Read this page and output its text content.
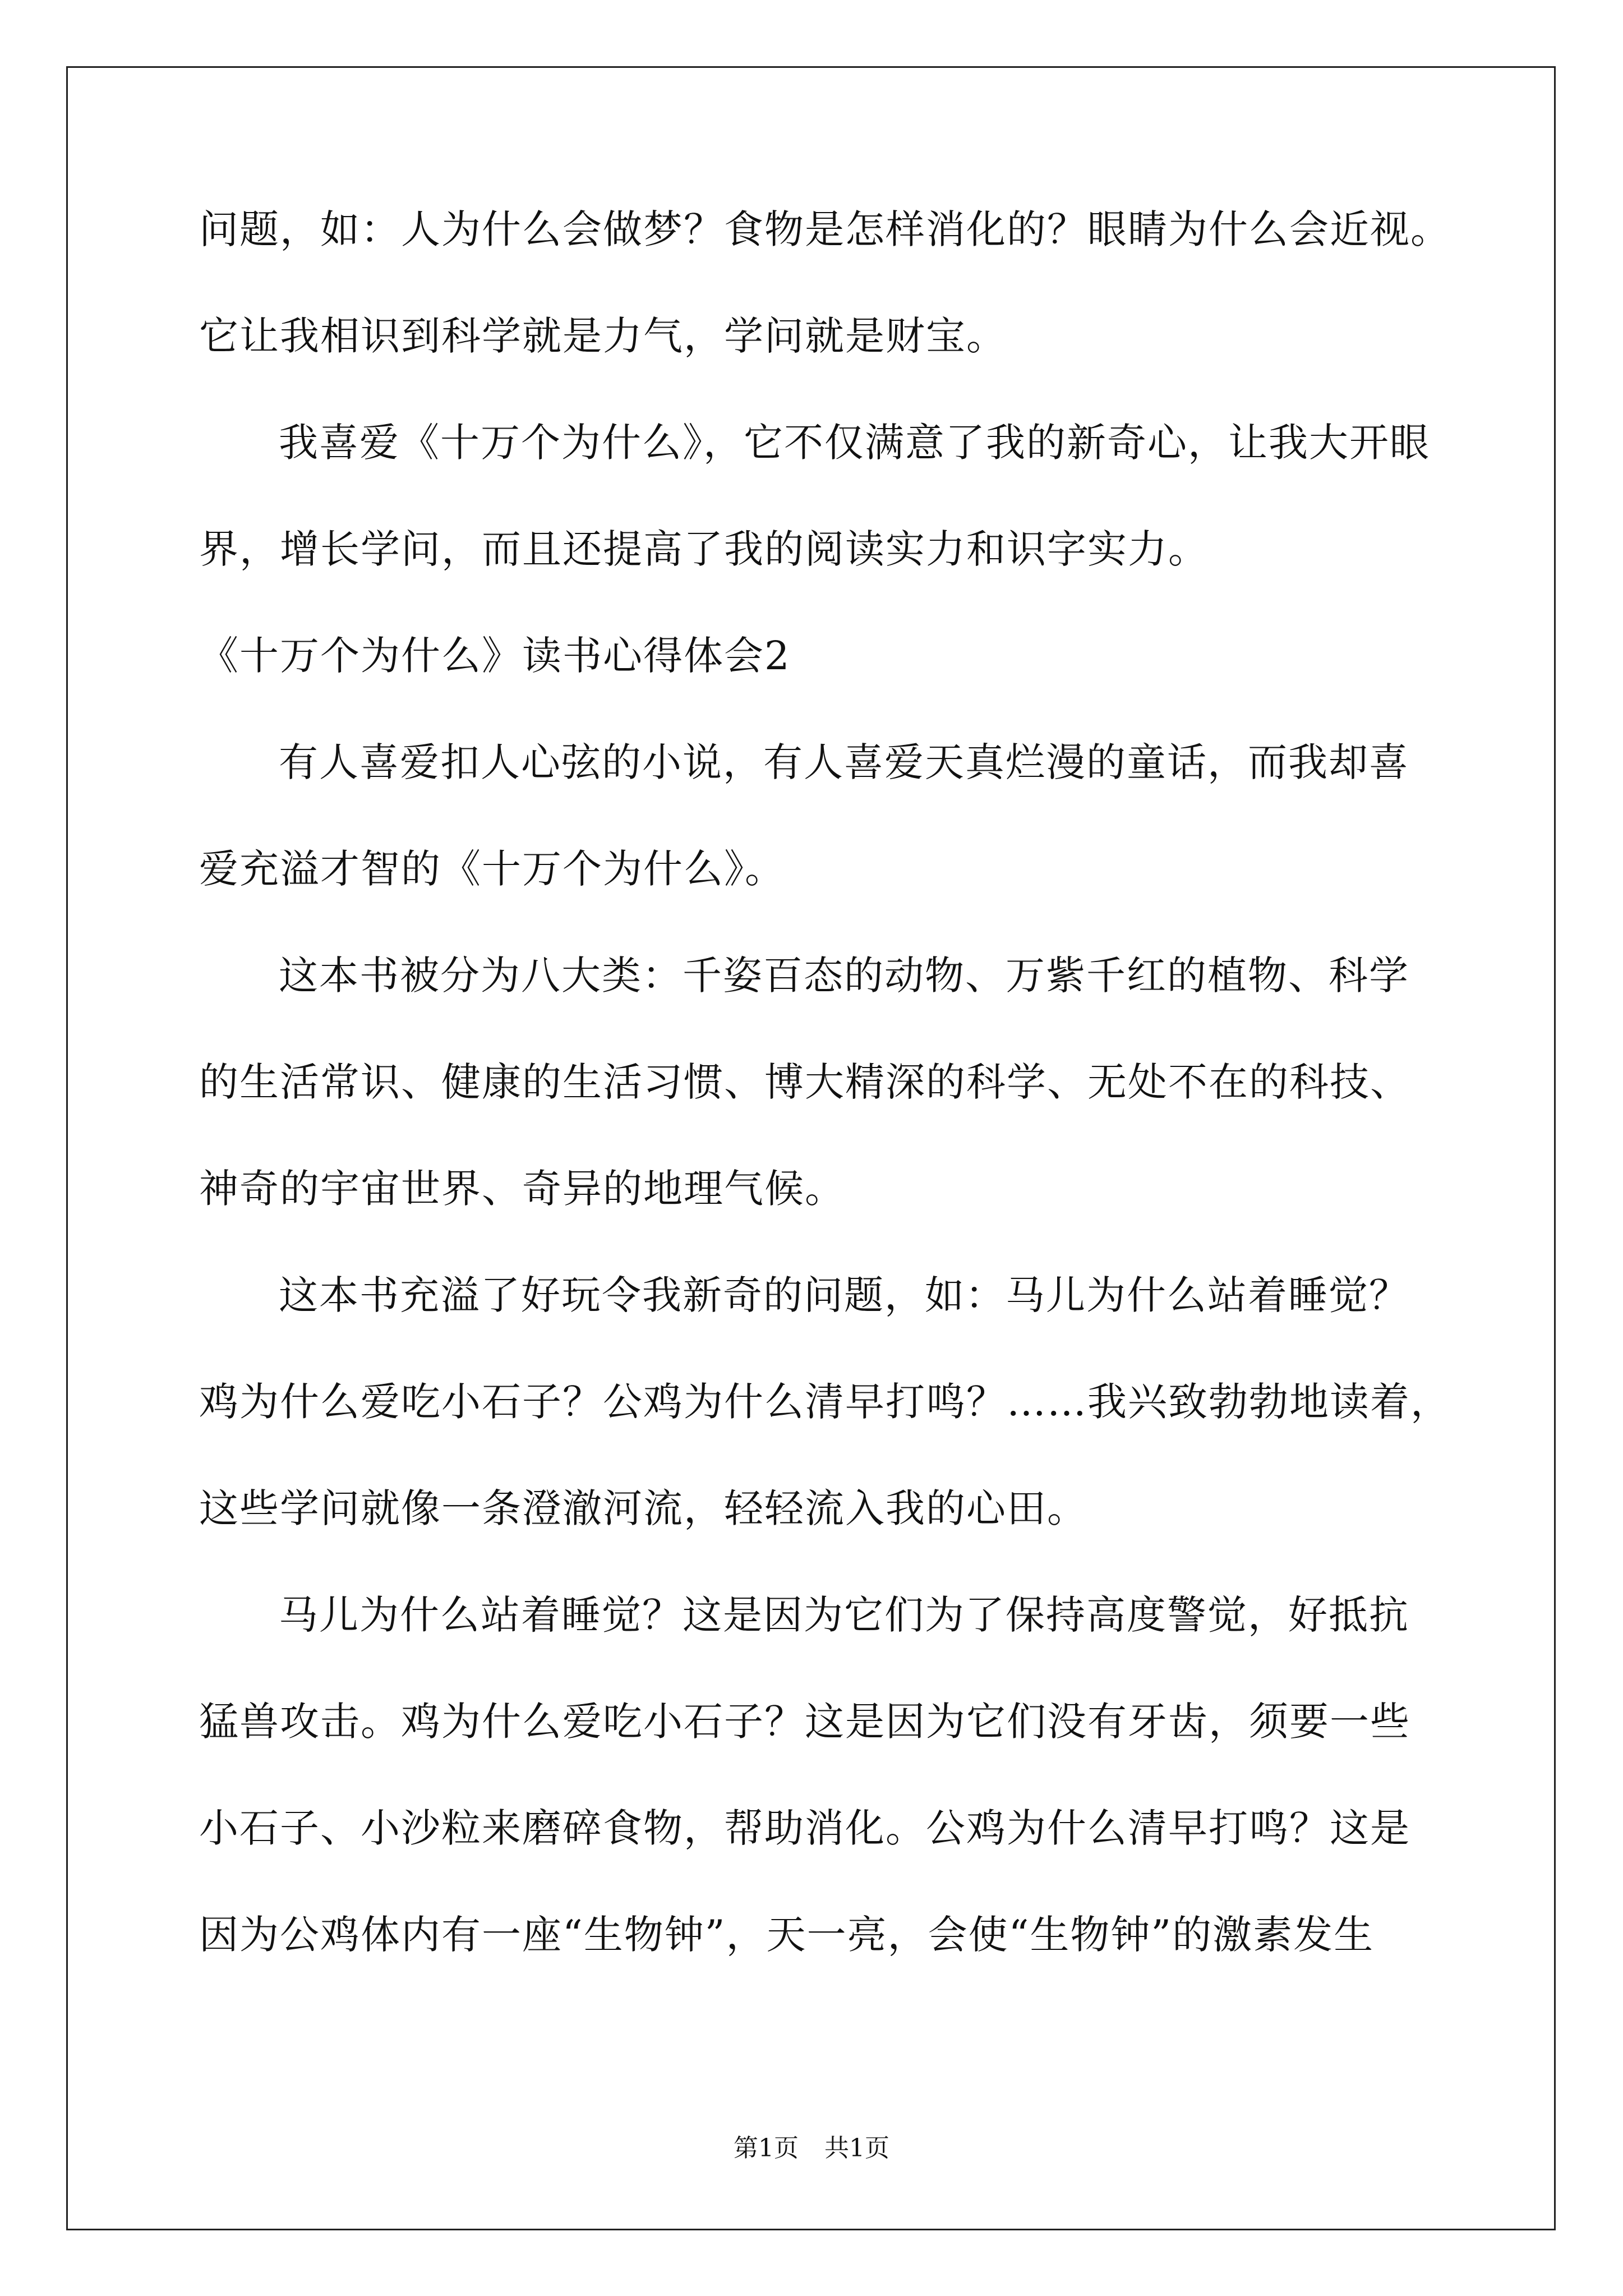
问题，如：人为什么会做梦？食物是怎样消化的？眼睛为什么会近视。
它让我相识到科学就是力气，学问就是财宝。
我喜爱《十万个为什么》，它不仅满意了我的新奇心，让我大开眼
界，增长学问，而且还提高了我的阅读实力和识字实力。
《十万个为什么》读书心得体会2
有人喜爱扣人心弦的小说，有人喜爱天真烂漫的童话，而我却喜
爱充溢才智的《十万个为什么》。
这本书被分为八大类：千姿百态的动物、万紫千红的植物、科学
的生活常识、健康的生活习惯、博大精深的科学、无处不在的科技、
神奇的宇宙世界、奇异的地理气候。
这本书充溢了好玩令我新奇的问题，如：马儿为什么站着睡觉？
鸡为什么爱吃小石子？公鸡为什么清早打鸣？……我兴致勃勃地读着，
这些学问就像一条澄澈河流，轻轻流入我的心田。
马儿为什么站着睡觉？这是因为它们为了保持高度警觉，好抵抗
猛兽攻击。鸡为什么爱吃小石子？这是因为它们没有牙齿，须要一些
小石子、小沙粒来磨碎食物，帮助消化。公鸡为什么清早打鸣？这是
因为公鸡体内有一座“生物钟”，天一亮，会使“生物钟”的激素发生
第1页 共1页
